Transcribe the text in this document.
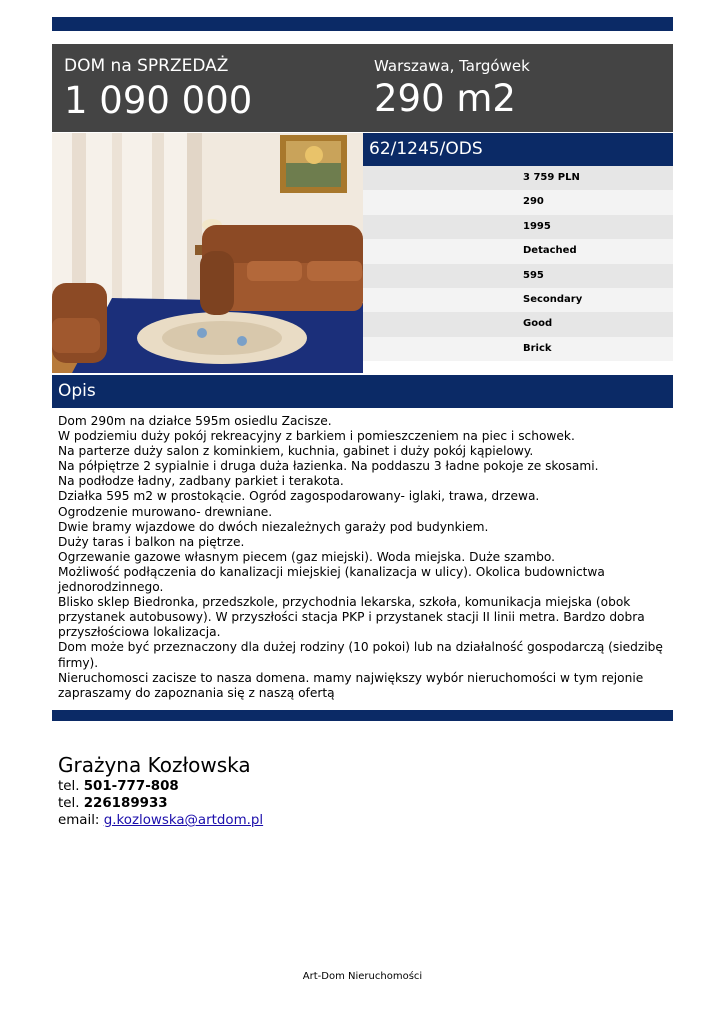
DOM na SPRZEDAŻ
1 090 000
Warszawa, Targówek
290 m2
62/1245/ODS
3 759 PLN
290
1995
Detached
595
Secondary
Good
Brick
Opis
Dom 290m na działce 595m osiedlu Zacisze.
W podziemiu duży pokój rekreacyjny z barkiem i pomieszczeniem na piec i schowek.
Na parterze duży salon z kominkiem, kuchnia, gabinet i duży pokój kąpielowy.
Na półpiętrze 2 sypialnie i druga duża łazienka. Na poddaszu 3 ładne pokoje ze skosami.
Na podłodze ładny, zadbany parkiet i terakota.
Działka 595 m2 w prostokącie. Ogród zagospodarowany- iglaki, trawa, drzewa.
Ogrodzenie murowano- drewniane.
Dwie bramy wjazdowe do dwóch niezależnych garaży pod budynkiem.
Duży taras i balkon na piętrze.
Ogrzewanie gazowe własnym piecem (gaz miejski). Woda miejska. Duże szambo.
Możliwość podłączenia do kanalizacji miejskiej (kanalizacja w ulicy). Okolica budownictwa jednorodzinnego.
Blisko sklep Biedronka, przedszkole, przychodnia lekarska, szkoła, komunikacja miejska (obok przystanek autobusowy). W przyszłości stacja PKP i przystanek stacji II linii metra. Bardzo dobra przyszłościowa lokalizacja.
Dom może być przeznaczony dla dużej rodziny (10 pokoi) lub na działalność gospodarczą (siedzibę firmy).
Nieruchomosci zacisze to nasza domena. mamy największy wybór nieruchomości w tym rejonie zapraszamy do zapoznania się z naszą ofertą
Grażyna Kozłowska
tel. 501-777-808
tel. 226189933
email: g.kozlowska@artdom.pl
Art-Dom Nieruchomości
